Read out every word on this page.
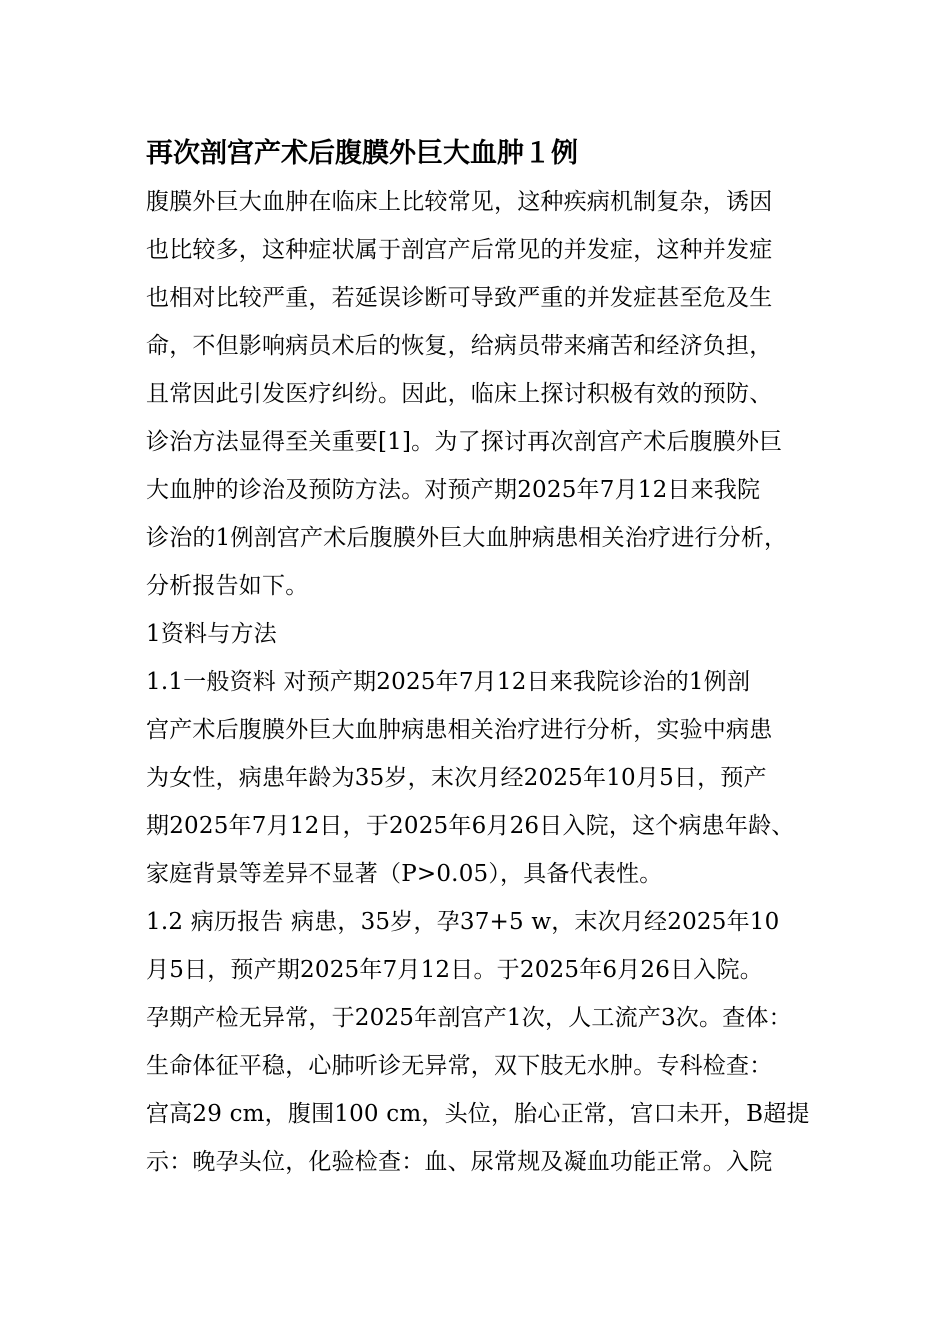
再次剖宫产术后腹膜外巨大血肿１例
腹膜外巨大血肿在临床上比较常见，这种疾病机制复杂，诱因
也比较多，这种症状属于剖宫产后常见的并发症，这种并发症
也相对比较严重，若延误诊断可导致严重的并发症甚至危及生
命，不但影响病员术后的恢复，给病员带来痛苦和经济负担，
且常因此引发医疗纠纷。因此，临床上探讨积极有效的预防、
诊治方法显得至关重要[1]。为了探讨再次剖宫产术后腹膜外巨
大血肿的诊治及预防方法。对预产期2025年7月12日来我院
诊治的1例剖宫产术后腹膜外巨大血肿病患相关治疗进行分析，
分析报告如下。
1资料与方法
1.1一般资料 对预产期2025年7月12日来我院诊治的1例剖
宫产术后腹膜外巨大血肿病患相关治疗进行分析，实验中病患
为女性，病患年龄为35岁，末次月经2025年10月5日，预产
期2025年7月12日，于2025年6月26日入院，这个病患年龄、
家庭背景等差异不显著（P>0.05），具备代表性。
1.2 病历报告 病患，35岁，孕37+5 w，末次月经2025年10
月5日，预产期2025年7月12日。于2025年6月26日入院。
孕期产检无异常，于2025年剖宫产1次，人工流产3次。查体：
生命体征平稳，心肺听诊无异常，双下肢无水肿。专科检查：
宫高29 cm，腹围100 cm，头位，胎心正常，宫口未开，B超提
示：晚孕头位，化验检查：血、尿常规及凝血功能正常。入院
